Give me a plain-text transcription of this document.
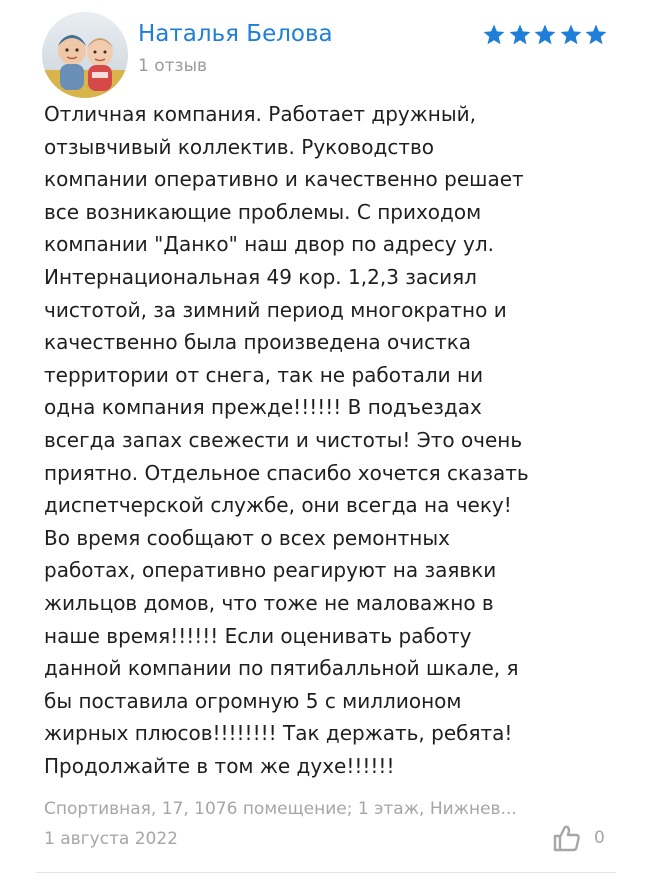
Наталья Белова
1 отзыв

Отличная компания. Работает дружный,
отзывчивый коллектив. Руководство
компании оперативно и качественно решает
все возникающие проблемы. С приходом
компании "Данко" наш двор по адресу ул.
Интернациональная 49 кор. 1,2,3 засиял
чистотой, за зимний период многократно и
качественно была произведена очистка
территории от снега, так не работали ни
одна компания прежде!!!!!! В подъездах
всегда запах свежести и чистоты! Это очень
приятно. Отдельное спасибо хочется сказать
диспетчерской службе, они всегда на чеку!
Во время сообщают о всех ремонтных
работах, оперативно реагируют на заявки
жильцов домов, что тоже не маловажно в
наше время!!!!!! Если оценивать работу
данной компании по пятибалльной шкале, я
бы поставила огромную 5 с миллионом
жирных плюсов!!!!!!!! Так держать, ребята!
Продолжайте в том же духе!!!!!!

Спортивная, 17, 1076 помещение; 1 этаж, Нижнев...
1 августа 2022	0
